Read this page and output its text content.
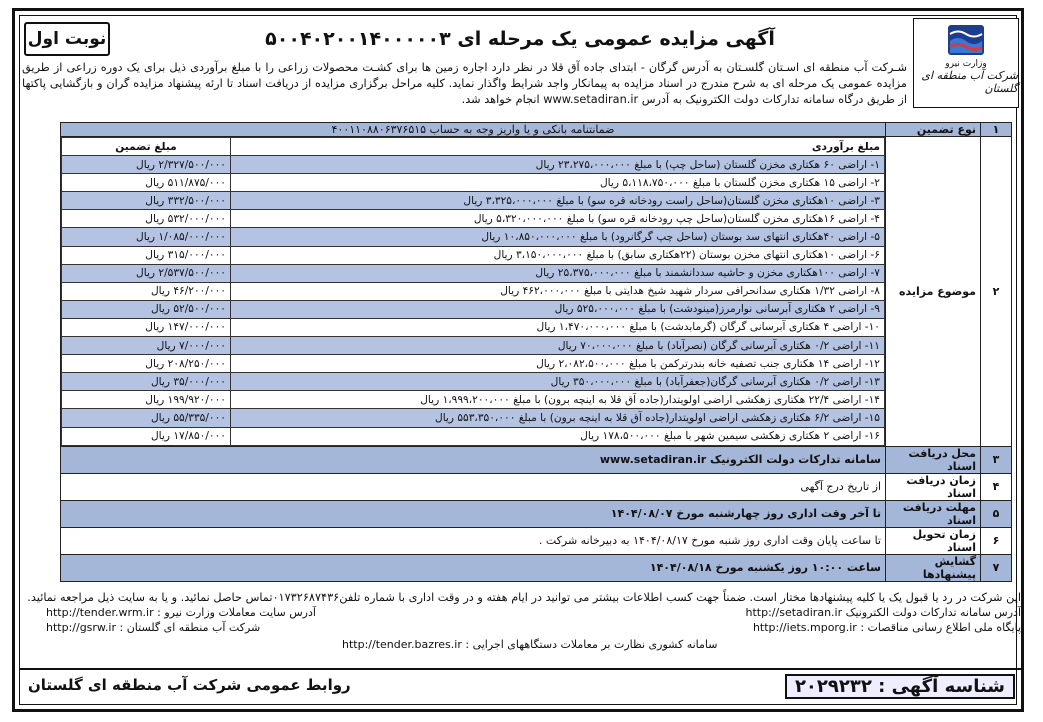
نوبت اول
وزارت نیرو
شرکت آب منطقه ای گلستان
آگهی مزایده عمومی یک مرحله ای ۵۰۰۴۰۲۰۰۱۴۰۰۰۰۰۳
شـركت آب منطقه ای اسـتان گلسـتان به آدرس گرگان - ابتدای جاده آق قلا در نظر دارد اجاره زمین ها برای کشـت محصولات زراعی را با مبلغ برآوردی ذیل برای یک دوره زراعی از طریق مزایده عمومی یک مرحله ای به شرح مندرج در اسناد مزایده به پیمانکار واجد شرایط واگذار نماید. کلیه مراحل برگزاری مزایده از دریافت اسناد تا ارئه پیشنهاد مزایده گران و بازگشایی پاکتها از طریق درگاه سامانه تدارکات دولت الکترونیک به آدرس www.setadiran.ir انجام خواهد شد.
۱	نوع تضمین	ضمانتنامه بانکی و یا واریز وجه به حساب ۴۰۰۱۱۰۸۸۰۶۳۷۶۵۱۵
۲	موضوع مزایده	
مبلغ برآوردی	مبلغ تضمین
۱- اراضی ۶۰ هکتاری مخزن گلستان (ساحل چپ) با مبلغ ۲۳،۲۷۵،۰۰۰،۰۰۰ ریال	۲/۳۲۷/۵۰۰/۰۰۰ ریال
۲- اراضی ۱۵ هکتاری مخزن گلستان با مبلغ ۵،۱۱۸،۷۵۰،۰۰۰ ریال	۵۱۱/۸۷۵/۰۰۰ ریال
۳- اراضی ۱۰هکتاری مخزن گلستان(ساحل راست رودخانه قره سو) با مبلغ ۳،۳۲۵،۰۰۰،۰۰۰ ریال	۳۳۲/۵۰۰/۰۰۰ ریال
۴- اراضی ۱۶هکتاری مخزن گلستان(ساحل چپ رودخانه قره سو) با مبلغ ۵،۳۲۰،۰۰۰،۰۰۰ ریال	۵۳۲/۰۰۰/۰۰۰ ریال
۵- اراضی ۴۰هکتاری انتهای سد بوستان (ساحل چپ گرگانرود) با مبلغ ۱۰،۸۵۰،۰۰۰،۰۰۰ ریال	۱/۰۸۵/۰۰۰/۰۰۰ ریال
۶- اراضی ۱۰هکتاری انتهای مخزن بوستان (۲۲هکتاری سابق) با مبلغ ۳،۱۵۰،۰۰۰،۰۰۰ ریال	۳۱۵/۰۰۰/۰۰۰ ریال
۷- اراضی ۱۰۰هکتاری مخزن و حاشیه سددانشمند با مبلغ ۲۵،۳۷۵،۰۰۰،۰۰۰ ریال	۲/۵۳۷/۵۰۰/۰۰۰ ریال
۸- اراضی ۱/۳۲ هکتاری سدانحرافی سردار شهید شیخ هدایتی با مبلغ ۴۶۲،۰۰۰،۰۰۰ ریال	۴۶/۲۰۰/۰۰۰ ریال
۹- اراضی ۲ هکتاری آبرسانی نوارمرز(مینودشت) با مبلغ ۵۲۵،۰۰۰،۰۰۰ ریال	۵۲/۵۰۰/۰۰۰ ریال
۱۰- اراضی ۴ هکتاری آبرسانی گرگان (گرمابدشت) با مبلغ ۱،۴۷۰،۰۰۰،۰۰۰ ریال	۱۴۷/۰۰۰/۰۰۰ ریال
۱۱- اراضی ۰/۲ هکتاری آبرسانی گرگان (نصرآباد) با مبلغ ۷۰،۰۰۰،۰۰۰ ریال	۷/۰۰۰/۰۰۰ ریال
۱۲- اراضی ۱۴ هکتاری جنب تصفیه خانه بندرترکمن با مبلغ ۲،۰۸۲،۵۰۰،۰۰۰ ریال	۲۰۸/۲۵۰/۰۰۰ ریال
۱۳- اراضی ۰/۲ هکتاری آبرسانی گرگان(جعفرآباد) با مبلغ ۳۵۰،۰۰۰،۰۰۰ ریال	۳۵/۰۰۰/۰۰۰ ریال
۱۴- اراضی ۲۲/۴ هکتاری زهکشی اراضی اولویتدار(جاده آق قلا به اینچه برون) با مبلغ ۱،۹۹۹،۲۰۰،۰۰۰ ریال	۱۹۹/۹۲۰/۰۰۰ ریال
۱۵- اراضی ۶/۲ هکتاری زهکشی اراضی اولویتدار(جاده آق قلا به اینچه برون) با مبلغ ۵۵۳،۳۵۰،۰۰۰ ریال	۵۵/۳۳۵/۰۰۰ ریال
۱۶- اراضی ۲ هکتاری زهکشی سیمین شهر با مبلغ ۱۷۸،۵۰۰،۰۰۰ ریال	۱۷/۸۵۰/۰۰۰ ریال

۳	محل دریافت اسناد	سامانه تدارکات دولت الکترونیک www.setadiran.ir
۴	زمان دریافت اسناد	از تاریخ درج آگهی
۵	مهلت دریافت اسناد	تا آخر وقت اداری روز چهارشنبه مورخ ۱۴۰۴/۰۸/۰۷
۶	زمان تحویل اسناد	تا ساعت پایان وقت اداری روز شنبه مورخ ۱۴۰۴/۰۸/۱۷ به دبیرخانه شرکت .
۷	گشایش پیشنهادها	ساعت ۱۰:۰۰ روز یکشنبه مورخ ۱۴۰۴/۰۸/۱۸
این شرکت در رد یا قبول یک یا کلیه پیشنهادها مختار است. ضمناً جهت کسب اطلاعات بیشتر می توانید در ایام هفته و در وقت اداری با شماره تلفن۰۱۷۳۲۶۸۷۴۳۶تماس حاصل نمائید. و یا به سایت ذیل مراجعه نمائید.
آدرس سامانه تدارکات دولت الکترونیک http://setadiran.ir
آدرس سایت معاملات وزارت نیرو : http://tender.wrm.ir
پایگاه ملی اطلاع رسانی مناقصات : http://iets.mporg.ir
شرکت آب منطقه ای گلستان : http://gsrw.ir
سامانه کشوری نظارت بر معاملات دستگاههای اجرایی : http://tender.bazres.ir
روابط عمومی شرکت آب منطقه ای گلستان	شناسه آگهی : ۲۰۲۹۲۳۲
